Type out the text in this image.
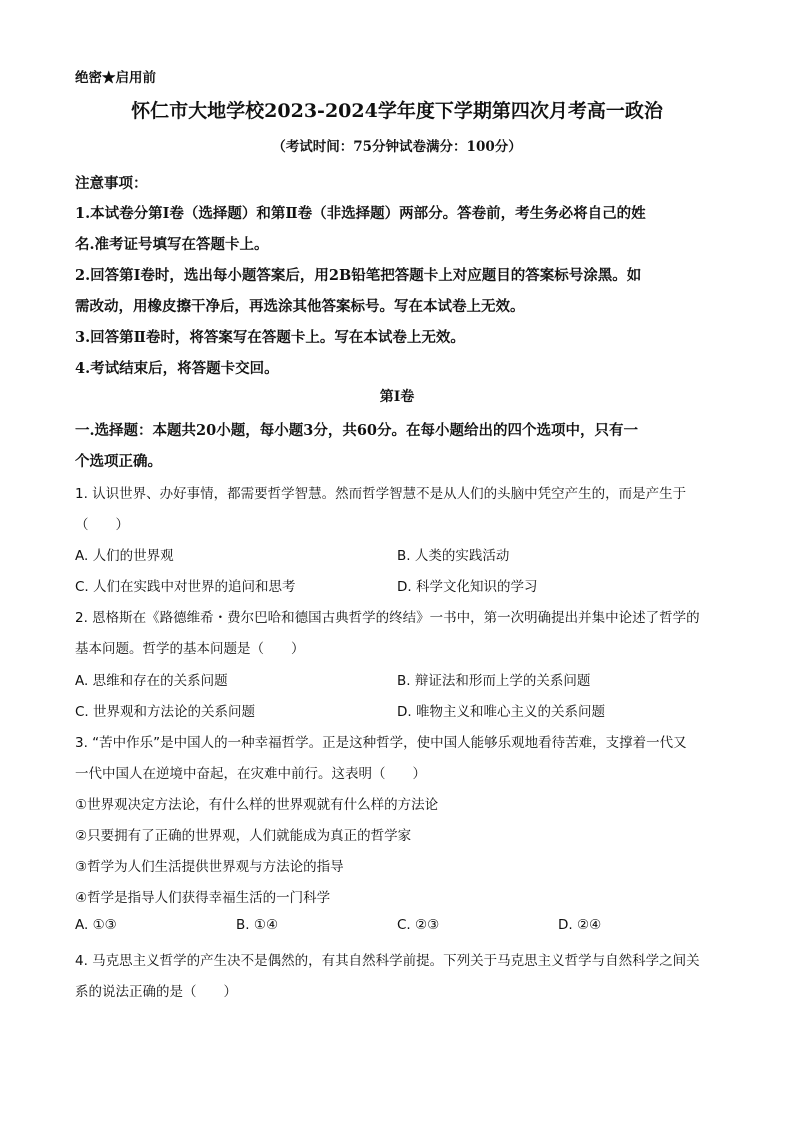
绝密★启用前
怀仁市大地学校2023-2024学年度下学期第四次月考高一政治
（考试时间：75分钟试卷满分：100分）
注意事项：
1.本试卷分第Ⅰ卷（选择题）和第Ⅱ卷（非选择题）两部分。答卷前，考生务必将自己的姓
名.准考证号填写在答题卡上。
2.回答第Ⅰ卷时，选出每小题答案后，用2B铅笔把答题卡上对应题目的答案标号涂黑。如
需改动，用橡皮擦干净后，再选涂其他答案标号。写在本试卷上无效。
3.回答第Ⅱ卷时，将答案写在答题卡上。写在本试卷上无效。
4.考试结束后，将答题卡交回。
第Ⅰ卷
一.选择题：本题共20小题，每小题3分，共60分。在每小题给出的四个选项中，只有一
个选项正确。
1. 认识世界、办好事情，都需要哲学智慧。然而哲学智慧不是从人们的头脑中凭空产生的，而是产生于
（　　）
A. 人们的世界观	B. 人类的实践活动
C. 人们在实践中对世界的追问和思考	D. 科学文化知识的学习
2. 恩格斯在《路德维希・费尔巴哈和德国古典哲学的终结》一书中，第一次明确提出并集中论述了哲学的
基本问题。哲学的基本问题是（　　）
A. 思维和存在的关系问题	B. 辩证法和形而上学的关系问题
C. 世界观和方法论的关系问题	D. 唯物主义和唯心主义的关系问题
3. “苦中作乐”是中国人的一种幸福哲学。正是这种哲学，使中国人能够乐观地看待苦难，支撑着一代又
一代中国人在逆境中奋起，在灾难中前行。这表明（　　）
①世界观决定方法论，有什么样的世界观就有什么样的方法论
②只要拥有了正确的世界观，人们就能成为真正的哲学家
③哲学为人们生活提供世界观与方法论的指导
④哲学是指导人们获得幸福生活的一门科学
A. ①③	B. ①④	C. ②③	D. ②④
4. 马克思主义哲学的产生决不是偶然的，有其自然科学前提。下列关于马克思主义哲学与自然科学之间关
系的说法正确的是（　　）
